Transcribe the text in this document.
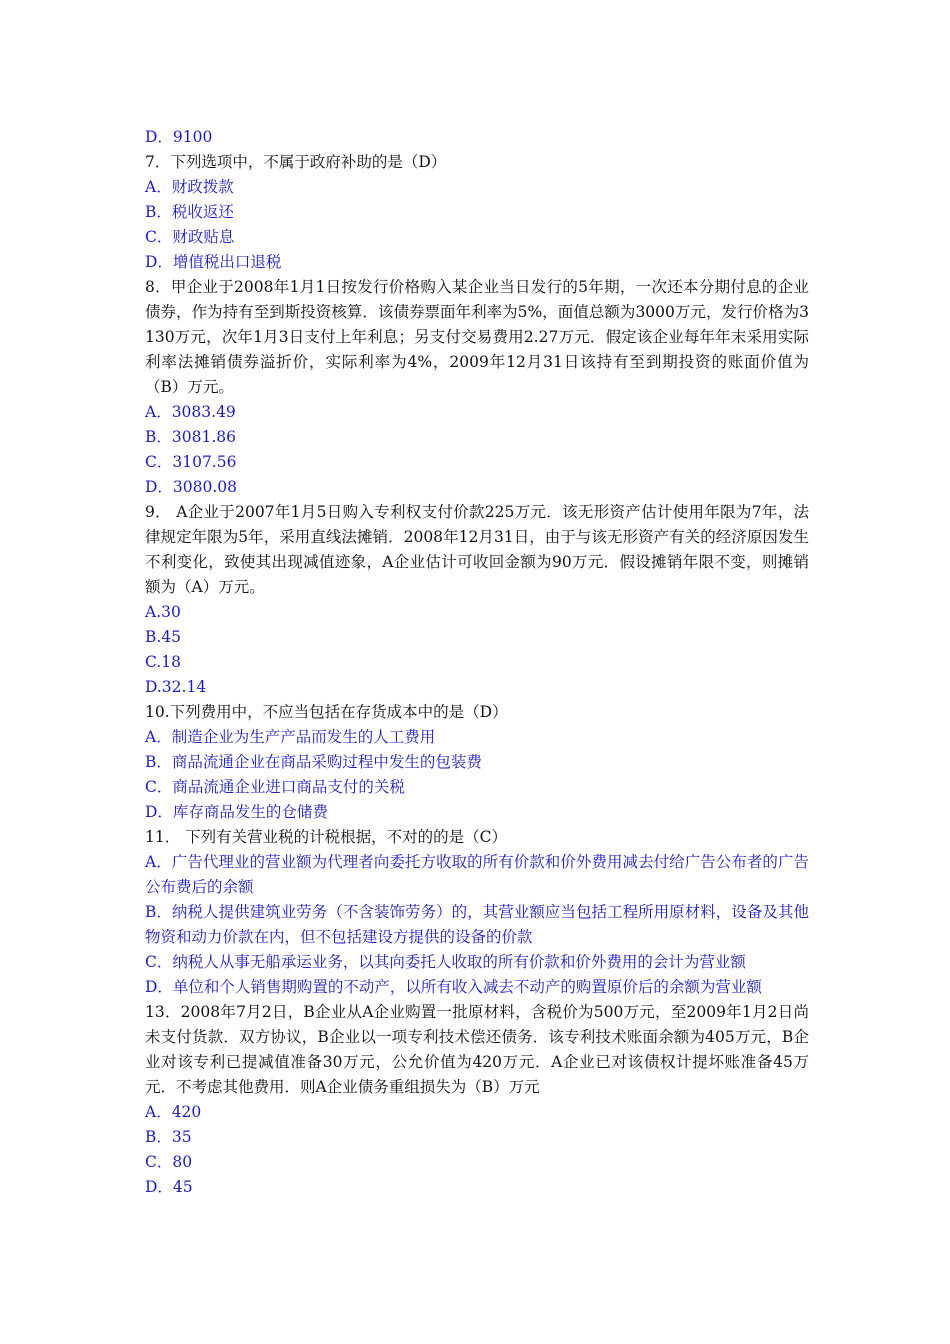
D．9100
7．下列选项中，不属于政府补助的是（D）
A．财政拨款
B．税收返还
C．财政贴息
D．增值税出口退税
8．甲企业于2008年1月1日按发行价格购入某企业当日发行的5年期，一次还本分期付息的企业债券，作为持有至到斯投资核算．该债券票面年利率为5%，面值总额为3000万元，发行价格为3130万元，次年1月3日支付上年利息；另支付交易费用2.27万元．假定该企业每年年末采用实际利率法摊销债券溢折价，实际利率为4%，2009年12月31日该持有至到期投资的账面价值为（B）万元。
A．3083.49
B．3081.86
C．3107.56
D．3080.08
9． A企业于2007年1月5日购入专利权支付价款225万元．该无形资产估计使用年限为7年，法律规定年限为5年，采用直线法摊销．2008年12月31日，由于与该无形资产有关的经济原因发生不利变化，致使其出现减值迹象，A企业估计可收回金额为90万元．假设摊销年限不变，则摊销额为（A）万元。
A.30
B.45
C.18
D.32.14
10.下列费用中，不应当包括在存货成本中的是（D）
A．制造企业为生产产品而发生的人工费用
B．商品流通企业在商品采购过程中发生的包装费
C．商品流通企业进口商品支付的关税
D．库存商品发生的仓储费
11． 下列有关营业税的计税根据，不对的的是（C）
A．广告代理业的营业额为代理者向委托方收取的所有价款和价外费用减去付给广告公布者的广告公布费后的余额
B．纳税人提供建筑业劳务（不含装饰劳务）的，其营业额应当包括工程所用原材料，设备及其他物资和动力价款在内，但不包括建设方提供的设备的价款
C．纳税人从事无船承运业务，以其向委托人收取的所有价款和价外费用的会计为营业额
D．单位和个人销售期购置的不动产，以所有收入减去不动产的购置原价后的余额为营业额
13．2008年7月2日，B企业从A企业购置一批原材料，含税价为500万元，至2009年1月2日尚未支付货款．双方协议，B企业以一项专利技术偿还债务．该专利技术账面余额为405万元，B企业对该专利已提减值准备30万元，公允价值为420万元．A企业已对该债权计提坏账准备45万元．不考虑其他费用．则A企业债务重组损失为（B）万元
A．420
B．35
C．80
D．45
